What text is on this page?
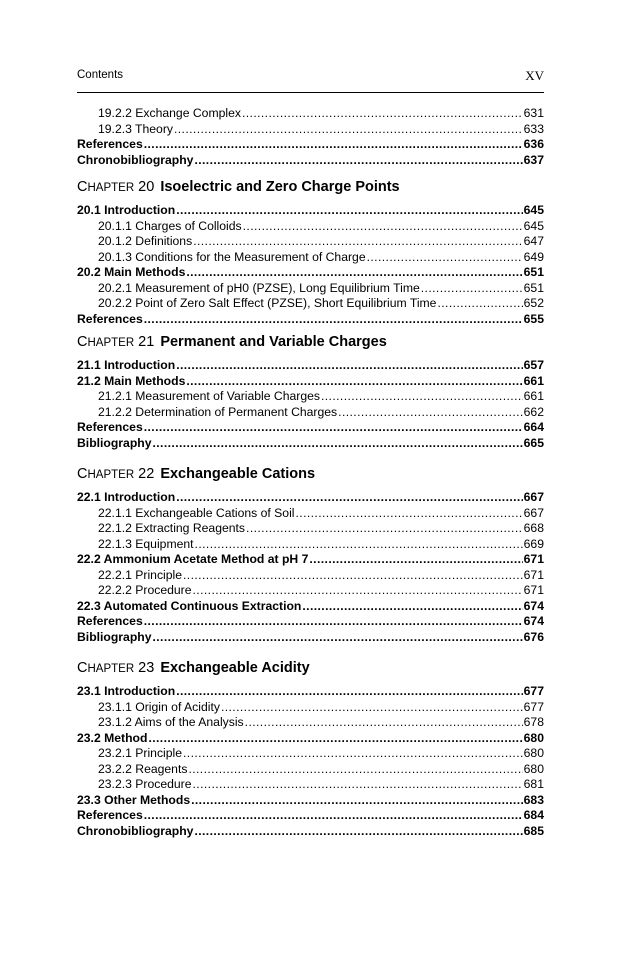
Contents	XV
19.2.2 Exchange Complex .....	631
19.2.3 Theory .....	633
References .....	636
Chronobibliography .....	637
CHAPTER 20 Isoelectric and Zero Charge Points
20.1 Introduction .....	645
20.1.1 Charges of Colloids .....	645
20.1.2 Definitions .....	647
20.1.3 Conditions for the Measurement of Charge .....	649
20.2 Main Methods .....	651
20.2.1 Measurement of pH0 (PZSE), Long Equilibrium Time .....	651
20.2.2 Point of Zero Salt Effect (PZSE), Short Equilibrium Time .....	652
References .....	655
CHAPTER 21 Permanent and Variable Charges
21.1 Introduction .....	657
21.2 Main Methods .....	661
21.2.1 Measurement of Variable Charges .....	661
21.2.2 Determination of Permanent Charges .....	662
References .....	664
Bibliography .....	665
CHAPTER 22 Exchangeable Cations
22.1 Introduction .....	667
22.1.1 Exchangeable Cations of Soil .....	667
22.1.2 Extracting Reagents .....	668
22.1.3 Equipment .....	669
22.2 Ammonium Acetate Method at pH 7 .....	671
22.2.1 Principle .....	671
22.2.2 Procedure .....	671
22.3 Automated Continuous Extraction .....	674
References .....	674
Bibliography .....	676
CHAPTER 23 Exchangeable Acidity
23.1 Introduction .....	677
23.1.1 Origin of Acidity .....	677
23.1.2 Aims of the Analysis .....	678
23.2 Method .....	680
23.2.1 Principle .....	680
23.2.2 Reagents .....	680
23.2.3 Procedure .....	681
23.3 Other Methods .....	683
References .....	684
Chronobibliography .....	685
